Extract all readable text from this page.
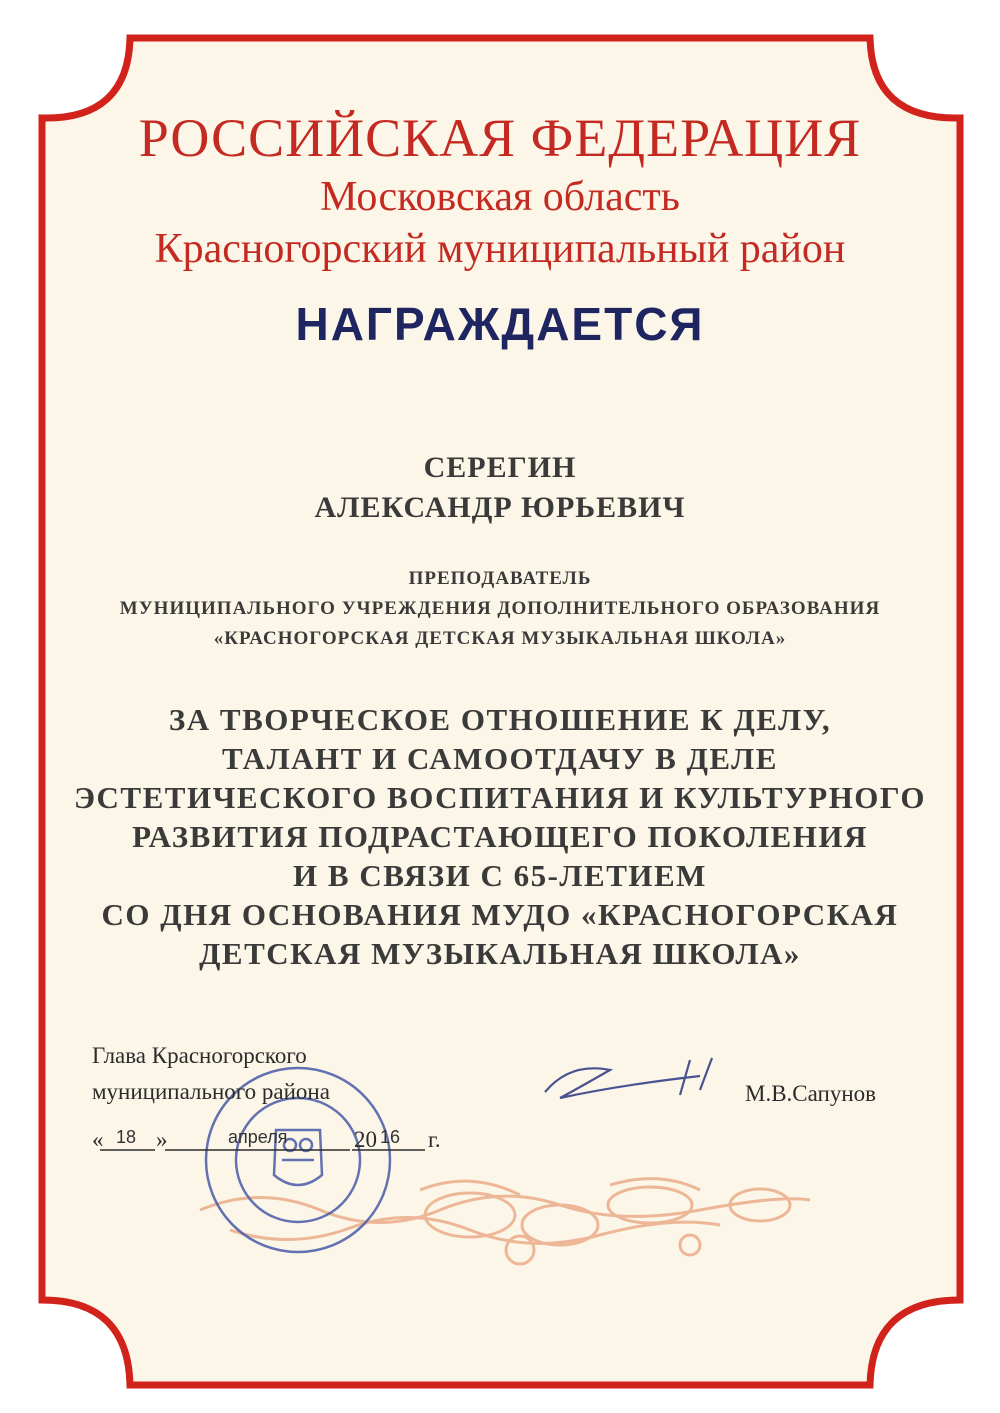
РОССИЙСКАЯ ФЕДЕРАЦИЯ

Московская область

Красногорский муниципальный район

НАГРАЖДАЕТСЯ

СЕРЕГИН

АЛЕКСАНДР ЮРЬЕВИЧ

ПРЕПОДАВАТЕЛЬ

МУНИЦИПАЛЬНОГО УЧРЕЖДЕНИЯ ДОПОЛНИТЕЛЬНОГО ОБРАЗОВАНИЯ

«КРАСНОГОРСКАЯ ДЕТСКАЯ МУЗЫКАЛЬНАЯ ШКОЛА»

ЗА ТВОРЧЕСКОЕ ОТНОШЕНИЕ К ДЕЛУ,

ТАЛАНТ И САМООТДАЧУ В ДЕЛЕ

ЭСТЕТИЧЕСКОГО ВОСПИТАНИЯ И КУЛЬТУРНОГО

РАЗВИТИЯ ПОДРАСТАЮЩЕГО ПОКОЛЕНИЯ

И В СВЯЗИ С 65-ЛЕТИЕМ

СО ДНЯ ОСНОВАНИЯ МУДО «КРАСНОГОРСКАЯ

ДЕТСКАЯ МУЗЫКАЛЬНАЯ ШКОЛА»

Глава Красногорского

муниципального района	М.В.Сапунов

« 18 »	апреля	20 16 г.
